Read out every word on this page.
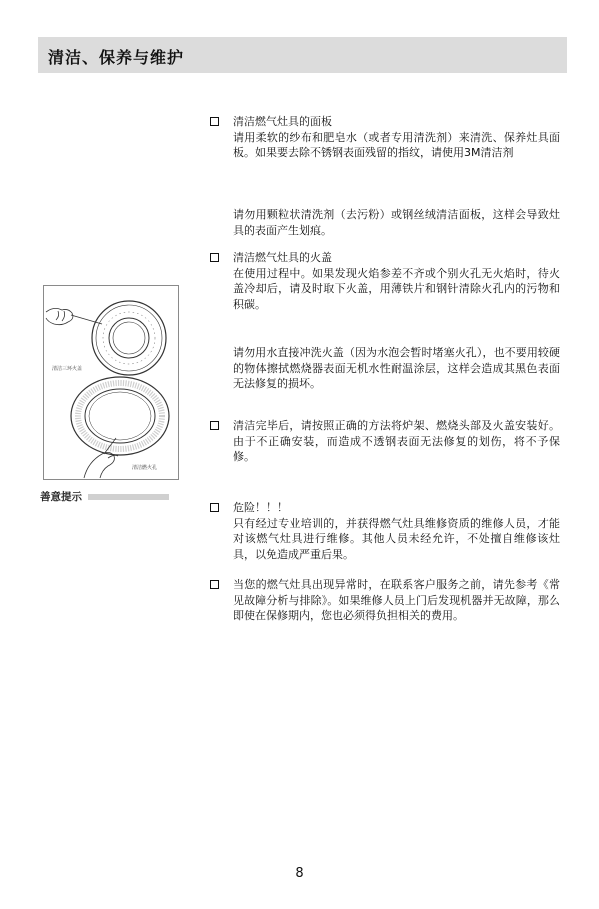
清洁、保养与维护
清洁三环火盖
清洁燃火孔
善意提示

清洁燃气灶具的面板

请用柔软的纱布和肥皂水（或者专用清洗剂）来清洗、保养灶具面板。如果要去除不锈钢表面残留的指纹，请使用3M清洁剂

请勿用颗粒状清洗剂（去污粉）或钢丝绒清洁面板，这样会导致灶具的表面产生划痕。

清洁燃气灶具的火盖

在使用过程中。如果发现火焰参差不齐或个别火孔无火焰时，待火盖冷却后，请及时取下火盖，用薄铁片和钢针清除火孔内的污物和积碳。

请勿用水直接冲洗火盖（因为水泡会暂时堵塞火孔），也不要用较硬的物体擦拭燃烧器表面无机水性耐温涂层，这样会造成其黑色表面无法修复的损坏。

清洁完毕后，请按照正确的方法将炉架、燃烧头部及火盖安装好。由于不正确安装，而造成不透钢表面无法修复的划伤，将不予保修。

危险！！！

只有经过专业培训的，并获得燃气灶具维修资质的维修人员，才能对该燃气灶具进行维修。其他人员未经允许，不处擅自维修该灶具，以免造成严重后果。

当您的燃气灶具出现异常时，在联系客户服务之前，请先参考《常见故障分析与排除》。如果维修人员上门后发现机器并无故障，那么即使在保修期内，您也必须得负担相关的费用。

8
